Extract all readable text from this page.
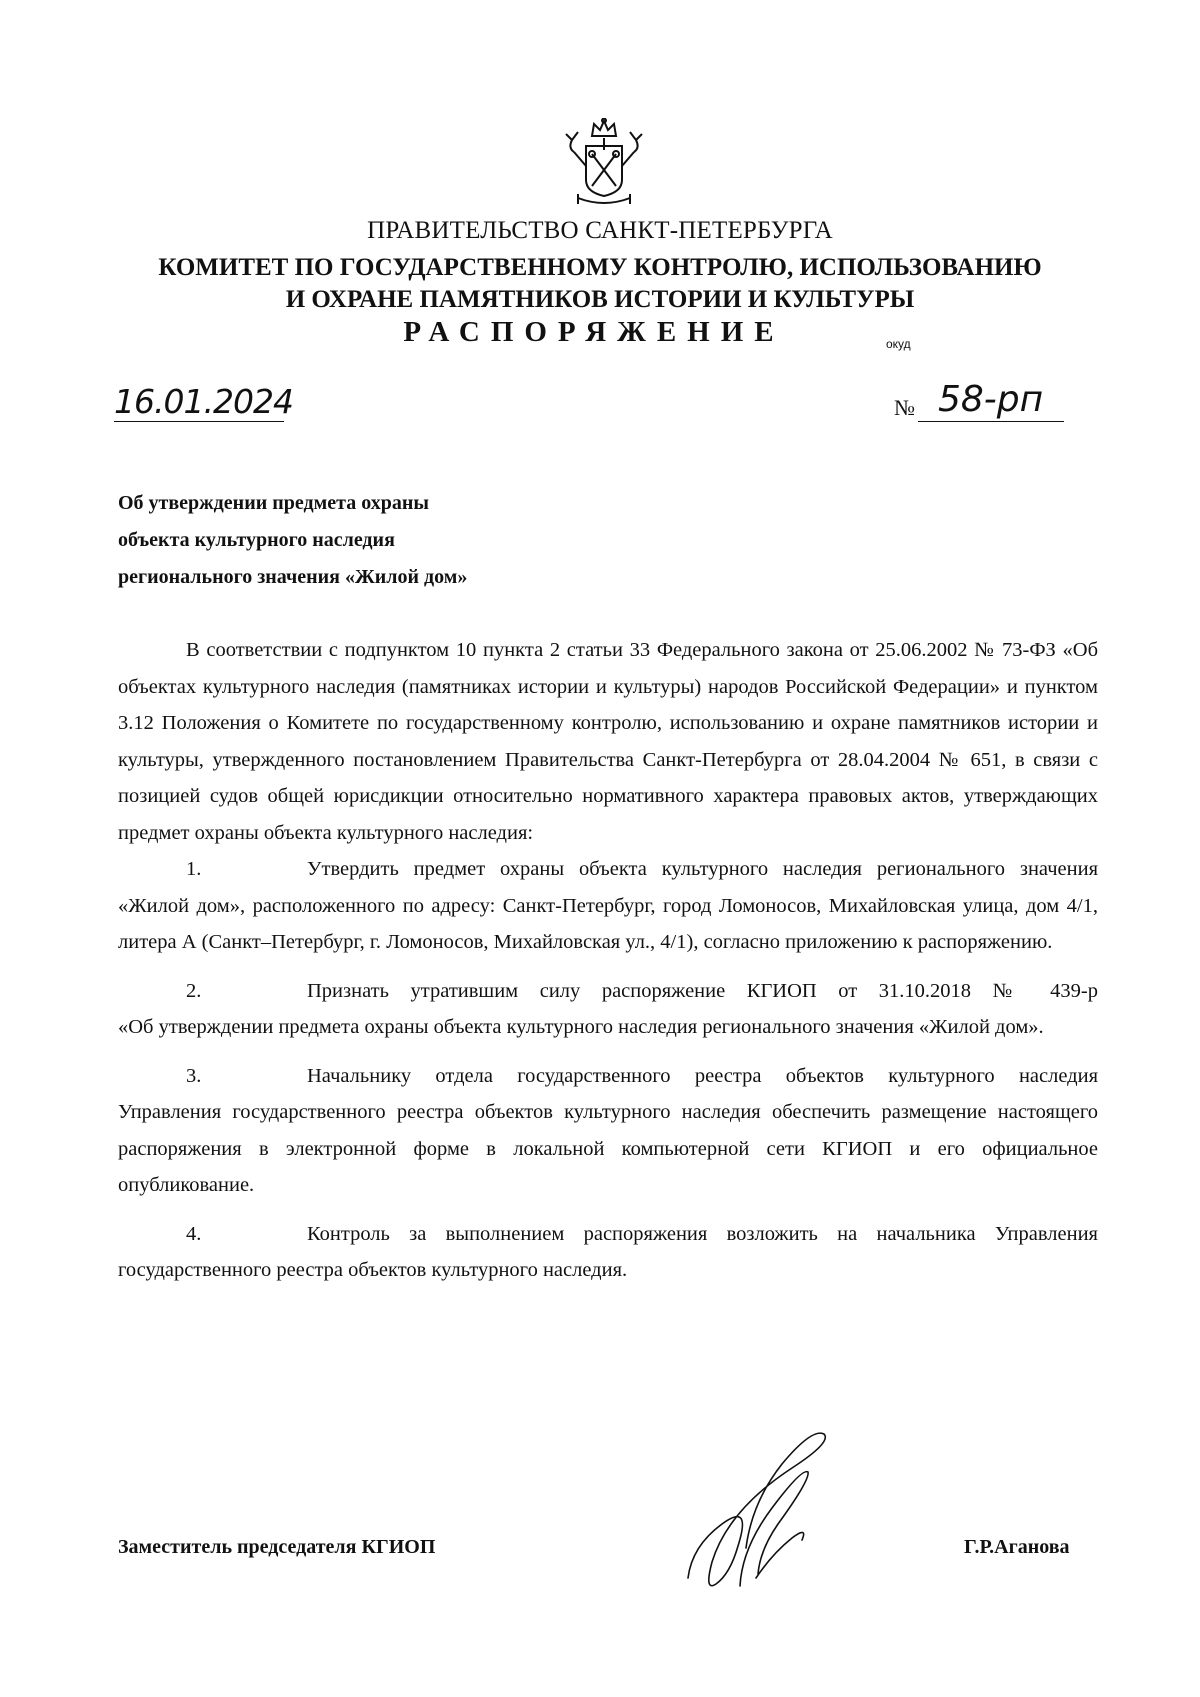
ПРАВИТЕЛЬСТВО САНКТ-ПЕТЕРБУРГА
КОМИТЕТ ПО ГОСУДАРСТВЕННОМУ КОНТРОЛЮ, ИСПОЛЬЗОВАНИЮ
И ОХРАНЕ ПАМЯТНИКОВ ИСТОРИИ И КУЛЬТУРЫ
РАСПОРЯЖЕНИЕ	окуд
16.01.2024	№ 58-рп
Об утверждении предмета охраны
объекта культурного наследия
регионального значения «Жилой дом»

В соответствии с подпунктом 10 пункта 2 статьи 33 Федерального закона от 25.06.2002 № 73-ФЗ «Об объектах культурного наследия (памятниках истории и культуры) народов Российской Федерации» и пунктом 3.12 Положения о Комитете по государственному контролю, использованию и охране памятников истории и культуры, утвержденного постановлением Правительства Санкт-Петербурга от 28.04.2004 № 651, в связи с позицией судов общей юрисдикции относительно нормативного характера правовых актов, утверждающих предмет охраны объекта культурного наследия:

1.	Утвердить предмет охраны объекта культурного наследия регионального значения
«Жилой дом», расположенного по адресу: Санкт-Петербург, город Ломоносов, Михайловская улица, дом 4/1, литера А (Санкт–Петербург, г. Ломоносов, Михайловская ул., 4/1), согласно приложению к распоряжению.
2.	Признать утратившим силу распоряжение КГИОП от 31.10.2018 № 439-р
«Об утверждении предмета охраны объекта культурного наследия регионального значения «Жилой дом».
3.	Начальнику отдела государственного реестра объектов культурного наследия
Управления государственного реестра объектов культурного наследия обеспечить размещение настоящего распоряжения в электронной форме в локальной компьютерной сети КГИОП и его официальное опубликование.
4.	Контроль за выполнением распоряжения возложить на начальника Управления
государственного реестра объектов культурного наследия.
Заместитель председателя КГИОП	Г.Р.Аганова
